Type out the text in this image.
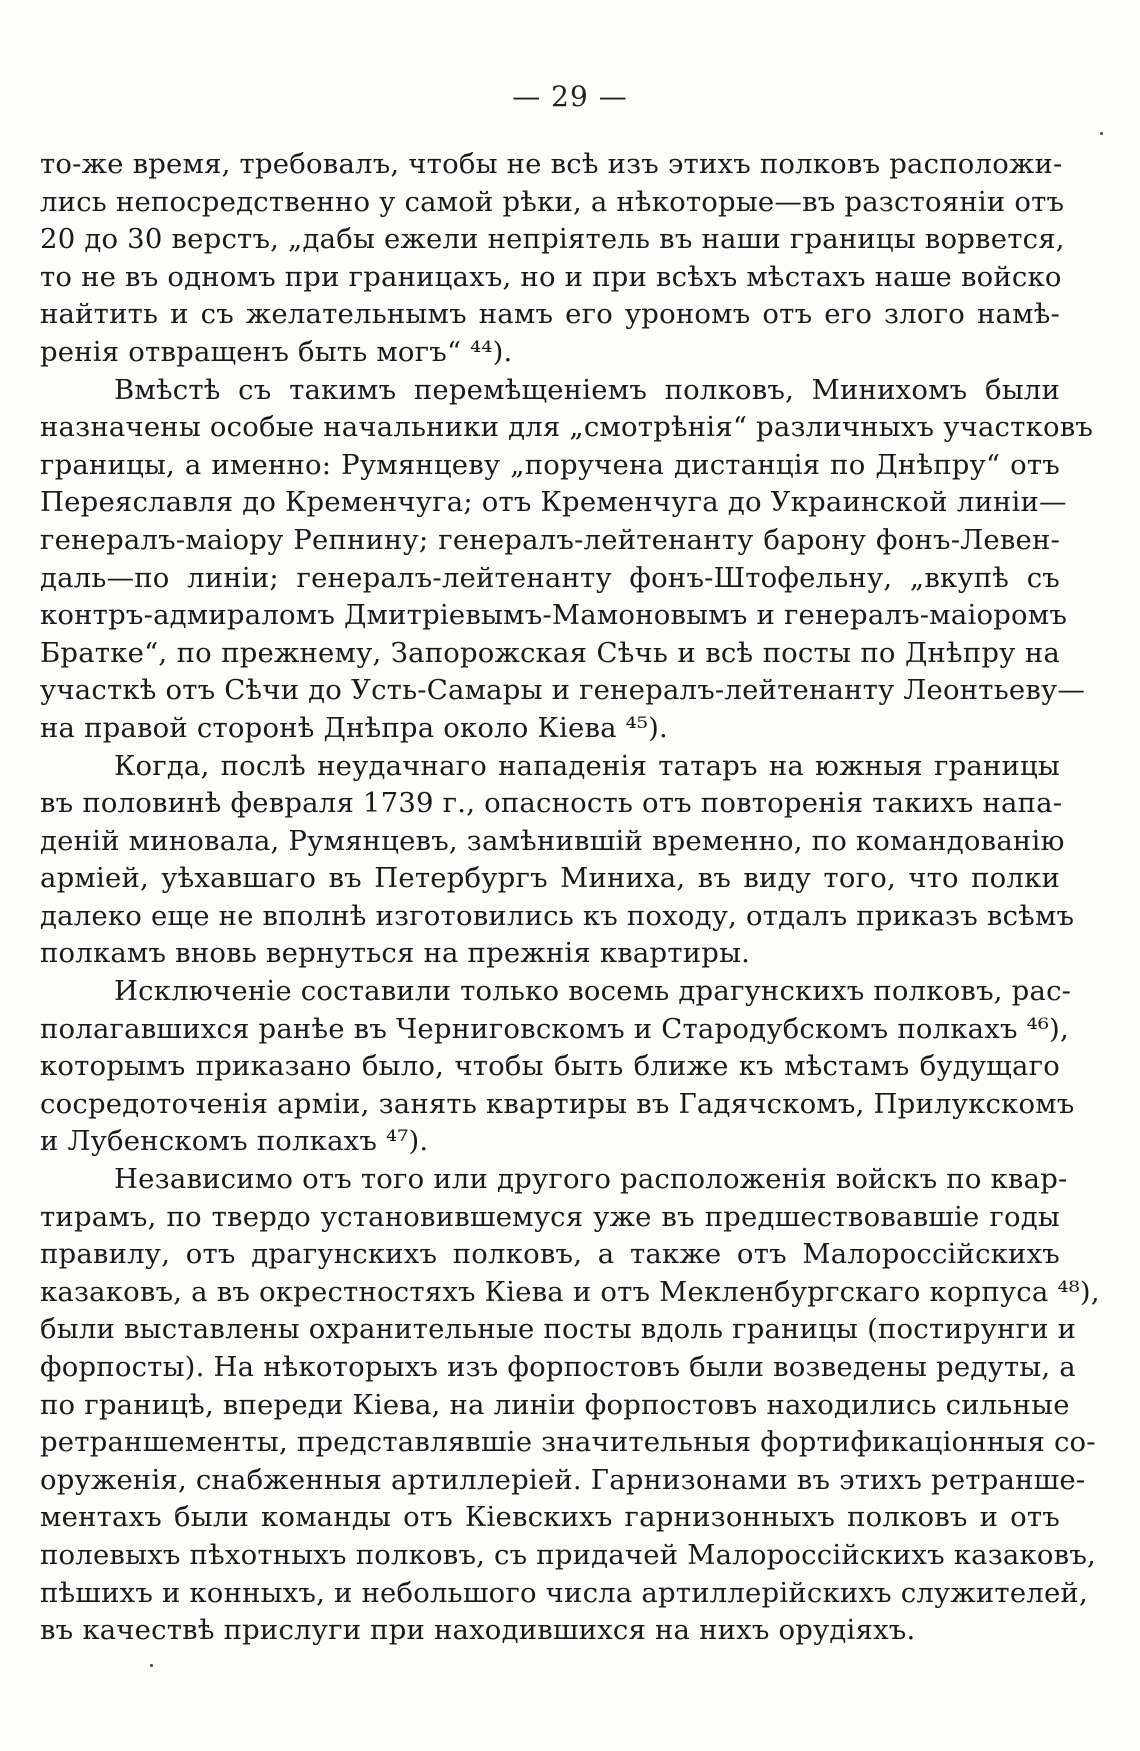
— 29 —
то-же время, требовалъ, чтобы не всѣ изъ этихъ полковъ расположи-
лись непосредственно у самой рѣки, а нѣкоторые—въ разстояніи отъ
20 до 30 верстъ, „дабы ежели непріятель въ наши границы ворвется,
то не въ одномъ при границахъ, но и при всѣхъ мѣстахъ наше войско
найтить и съ желательнымъ намъ его урономъ отъ его злого намѣ-
ренія отвращенъ быть могъ“ ⁴⁴).
Вмѣстѣ съ такимъ перемѣщеніемъ полковъ, Минихомъ были
назначены особые начальники для „смотрѣнія“ различныхъ участковъ
границы, а именно: Румянцеву „поручена дистанція по Днѣпру“ отъ
Переяславля до Кременчуга; отъ Кременчуга до Украинской линіи—
генералъ-маіору Репнину; генералъ-лейтенанту барону фонъ-Левен-
даль—по линіи; генералъ-лейтенанту фонъ-Штофельну, „вкупѣ съ
контръ-адмираломъ Дмитріевымъ-Мамоновымъ и генералъ-маіоромъ
Братке“, по прежнему, Запорожская Сѣчь и всѣ посты по Днѣпру на
участкѣ отъ Сѣчи до Усть-Самары и генералъ-лейтенанту Леонтьеву—
на правой сторонѣ Днѣпра около Кіева ⁴⁵).
Когда, послѣ неудачнаго нападенія татаръ на южныя границы
въ половинѣ февраля 1739 г., опасность отъ повторенія такихъ напа-
деній миновала, Румянцевъ, замѣнившій временно, по командованію
арміей, уѣхавшаго въ Петербургъ Миниха, въ виду того, что полки
далеко еще не вполнѣ изготовились къ походу, отдалъ приказъ всѣмъ
полкамъ вновь вернуться на прежнія квартиры.
Исключеніе составили только восемь драгунскихъ полковъ, рас-
полагавшихся ранѣе въ Черниговскомъ и Стародубскомъ полкахъ ⁴⁶),
которымъ приказано было, чтобы быть ближе къ мѣстамъ будущаго
сосредоточенія арміи, занять квартиры въ Гадячскомъ, Прилукскомъ
и Лубенскомъ полкахъ ⁴⁷).
Независимо отъ того или другого расположенія войскъ по квар-
тирамъ, по твердо установившемуся уже въ предшествовавшіе годы
правилу, отъ драгунскихъ полковъ, а также отъ Малороссійскихъ
казаковъ, а въ окрестностяхъ Кіева и отъ Мекленбургскаго корпуса ⁴⁸),
были выставлены охранительные посты вдоль границы (постирунги и
форпосты). На нѣкоторыхъ изъ форпостовъ были возведены редуты, а
по границѣ, впереди Кіева, на линіи форпостовъ находились сильные
ретраншементы, представлявшіе значительныя фортификаціонныя со-
оруженія, снабженныя артиллеріей. Гарнизонами въ этихъ ретранше-
ментахъ были команды отъ Кіевскихъ гарнизонныхъ полковъ и отъ
полевыхъ пѣхотныхъ полковъ, съ придачей Малороссійскихъ казаковъ,
пѣшихъ и конныхъ, и небольшого числа артиллерійскихъ служителей,
въ качествѣ прислуги при находившихся на нихъ орудіяхъ.
